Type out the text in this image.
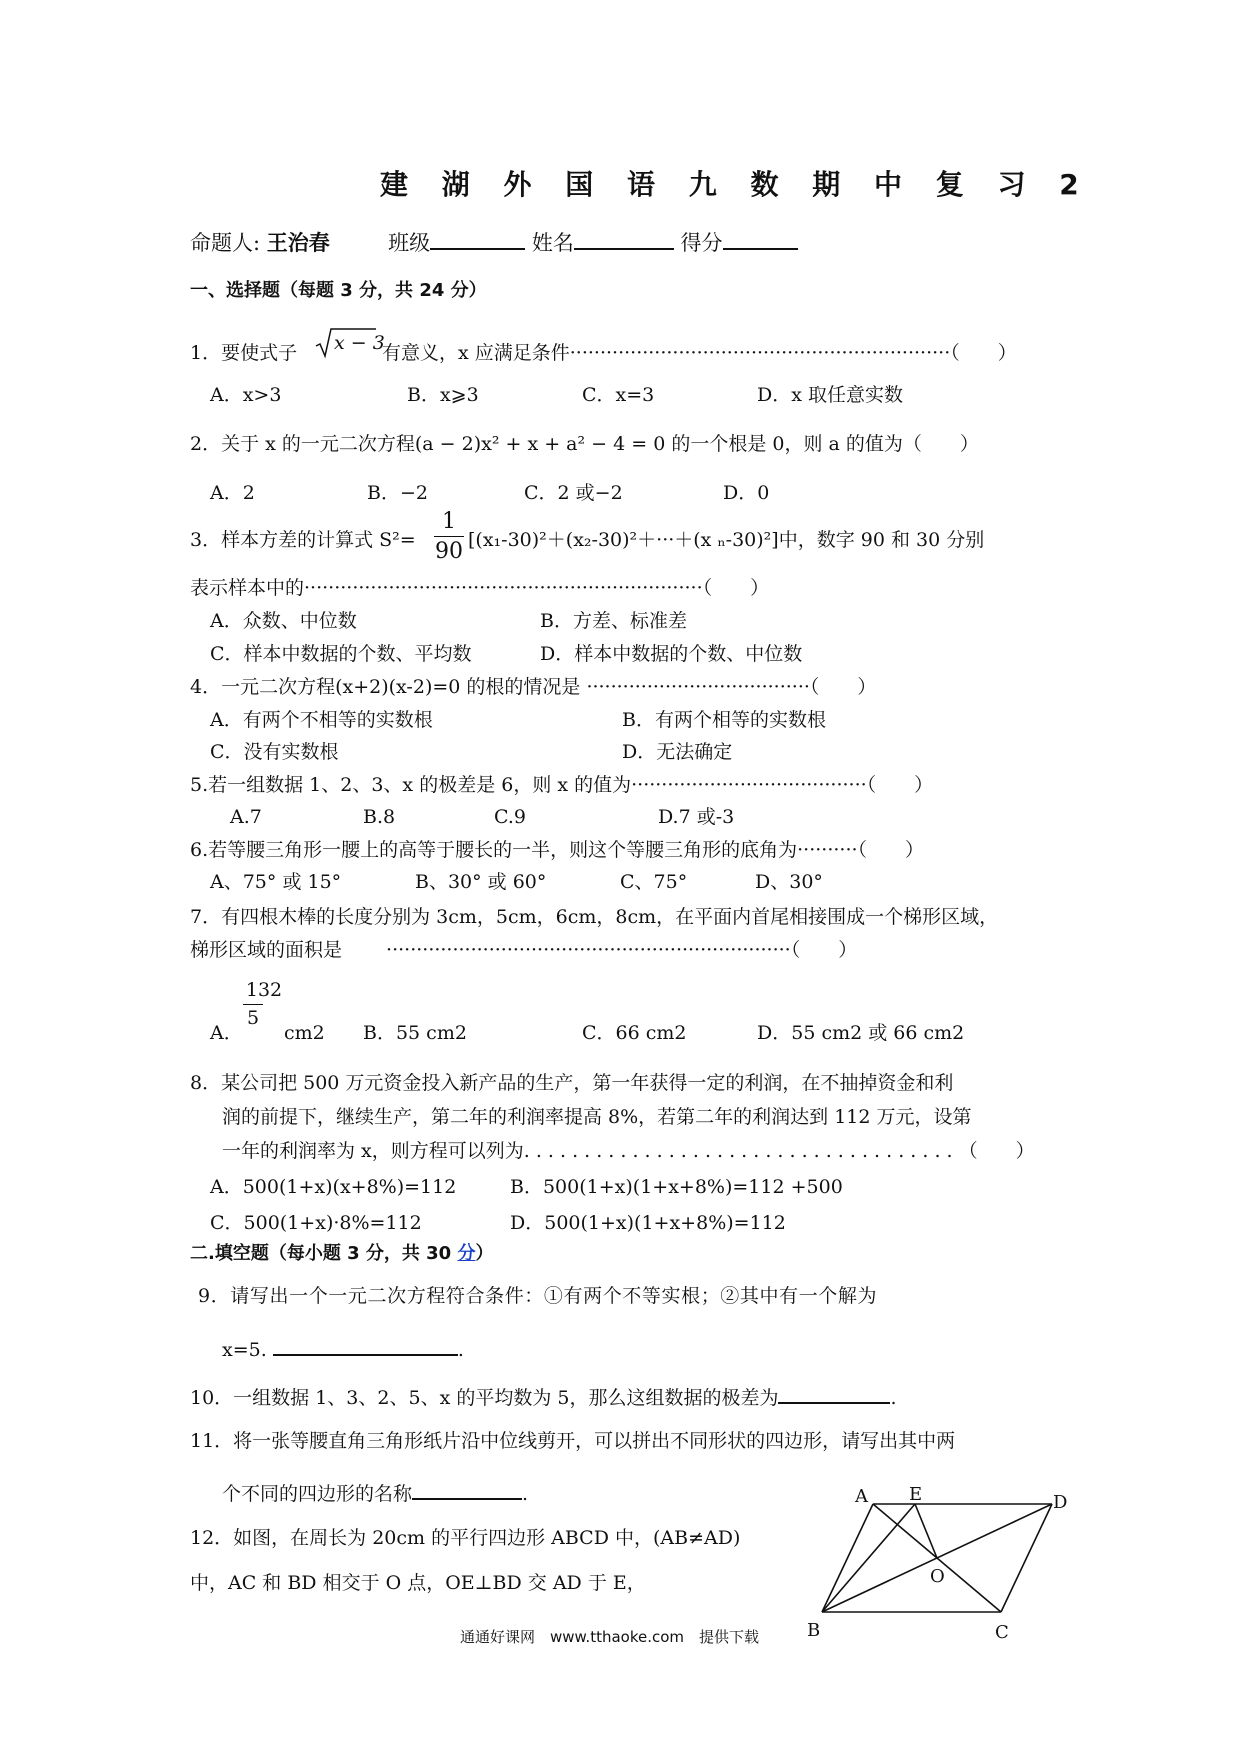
建 湖 外 国 语 九 数 期 中 复 习 2
命题人: 王治春	班级	姓名	得分
一、选择题（每题 3 分，共 24 分）
1．要使式子 x − 3
有意义，x 应满足条件·······························································（　　）
A．x>3	B．x⩾3	C．x=3	D．x 取任意实数
2．关于 x 的一元二次方程(a − 2)x² + x + a² − 4 = 0 的一个根是 0，则 a 的值为（　　）
A．2	B．−2	C．2 或−2	D．0
3．样本方差的计算式 $S^2= \frac{1}{90} [(x_1-30)^2+(x_2-30)^2+\cdot\cdot\cdot+(x$ ₙ-30)²]中，数字 90 和 30 分别
表示样本中的··································································（　　）
A．众数、中位数	B．方差、标准差
C．样本中数据的个数、平均数	D．样本中数据的个数、中位数
4．一元二次方程(x+2)(x-2)=0 的根的情况是 ·····································（　　）
A．有两个不相等的实数根	B．有两个相等的实数根
C．没有实数根	D．无法确定
5.若一组数据 1、2、3、x 的极差是 6，则 x 的值为·······································（　　）
A.7	B.8	C.9	D.7 或-3
6.若等腰三角形一腰上的高等于腰长的一半，则这个等腰三角形的底角为··········（　　）
A、75° 或 15°	B、30° 或 60°	C、75°	D、30°
7．有四根木棒的长度分别为 3cm，5cm，6cm，8cm，在平面内首尾相接围成一个梯形区域，
梯形区域的面积是　　 ···································································（　　）
A．
$\frac{132}{5}$
cm2 B．55 cm2	C．66 cm2	D．55 cm2 或 66 cm2
8．某公司把 500 万元资金投入新产品的生产，第一年获得一定的利润，在不抽掉资金和利
润的前提下，继续生产，第二年的利润率提高 8%，若第二年的利润达到 112 万元，设第
一年的利润率为 x，则方程可以列为. . . . . . . . . . . . . . . . . . . . . . . . . . . . . . . . . . . . （　　）
A．500(1+x)(x+8%)=112	B．500(1+x)(1+x+8%)=112 +500
C．500(1+x)·8%=112	D．500(1+x)(1+x+8%)=112
二.填空题（每小题 3 分，共 30 分）
9．请写出一个一元二次方程符合条件：①有两个不等实根；②其中有一个解为
x=5.	.
10．一组数据 1、3、2、5、x 的平均数为 5，那么这组数据的极差为	.
11．将一张等腰直角三角形纸片沿中位线剪开，可以拼出不同形状的四边形，请写出其中两
个不同的四边形的名称	.
12．如图，在周长为 20cm 的平行四边形 ABCD 中，(AB≠AD)
中，AC 和 BD 相交于 O 点，OE⊥BD 交 AD 于 E，
A E	D
O
B	C
通通好课网　www.tthaoke.com　提供下载
